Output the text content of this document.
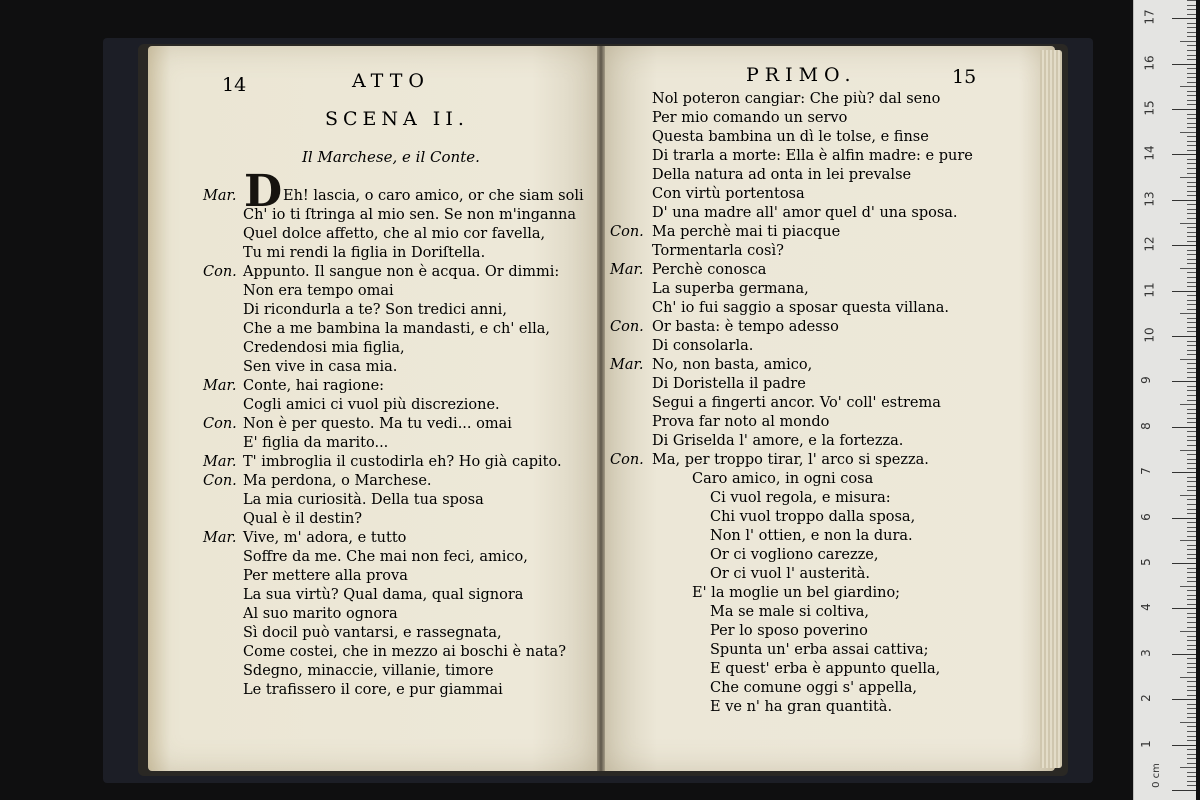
14	ATTO
SCENA II.
Il Marchese, e il Conte.
D
Mar.	Eh! lascia, o caro amico, or che siam soli
Ch' io ti ſtringa al mio sen. Se non m'inganna
Quel dolce affetto, che al mio cor favella,
Tu mi rendi la figlia in Doriſtella.
Con. Appunto. Il sangue non è acqua. Or dimmi:
Non era tempo omai
Di ricondurla a te? Son tredici anni,
Che a me bambina la mandasti, e ch' ella,
Credendosi mia figlia,
Sen vive in casa mia.
Mar. Conte, hai ragione:
Cogli amici ci vuol più discrezione.
Con. Non è per questo. Ma tu vedi... omai
E' figlia da marito...
Mar. T' imbroglia il custodirla eh? Ho già capito.
Con. Ma perdona, o Marchese.
La mia curiosità. Della tua sposa
Qual è il destin?
Mar. Vive, m' adora, e tutto
Soffre da me. Che mai non feci, amico,
Per mettere alla prova
La sua virtù? Qual dama, qual signora
Al suo marito ognora
Sì docil può vantarsi, e rassegnata,
Come costei, che in mezzo ai boschi è nata?
Sdegno, minaccie, villanie, timore
Le trafissero il core, e pur giammai
PRIMO.	15
Nol poteron cangiar: Che più? dal seno
Per mio comando un servo
Questa bambina un dì le tolse, e finse
Di trarla a morte: Ella è alfin madre: e pure
Della natura ad onta in lei prevalse
Con virtù portentosa
D' una madre all' amor quel d' una sposa.
Con. Ma perchè mai ti piacque
Tormentarla così?
Mar. Perchè conosca
La superba germana,
Ch' io fui saggio a sposar questa villana.
Con. Or basta: è tempo adesso
Di consolarla.
Mar. No, non basta, amico,
Di Doristella il padre
Segui a fingerti ancor. Vo' coll' estrema
Prova far noto al mondo
Di Griselda l' amore, e la fortezza.
Con. Ma, per troppo tirar, l' arco si spezza.
Caro amico, in ogni cosa
Ci vuol regola, e misura:
Chi vuol troppo dalla sposa,
Non l' ottien, e non la dura.
Or ci vogliono carezze,
Or ci vuol l' austerità.
E' la moglie un bel giardino;
Ma se male si coltiva,
Per lo sposo poverino
Spunta un' erba assai cattiva;
E quest' erba è appunto quella,
Che comune oggi s' appella,
E ve n' ha gran quantità.
0 cm
1
2
3
4
5
6
7
8
9
10
11
12
13
14
15
16
17
